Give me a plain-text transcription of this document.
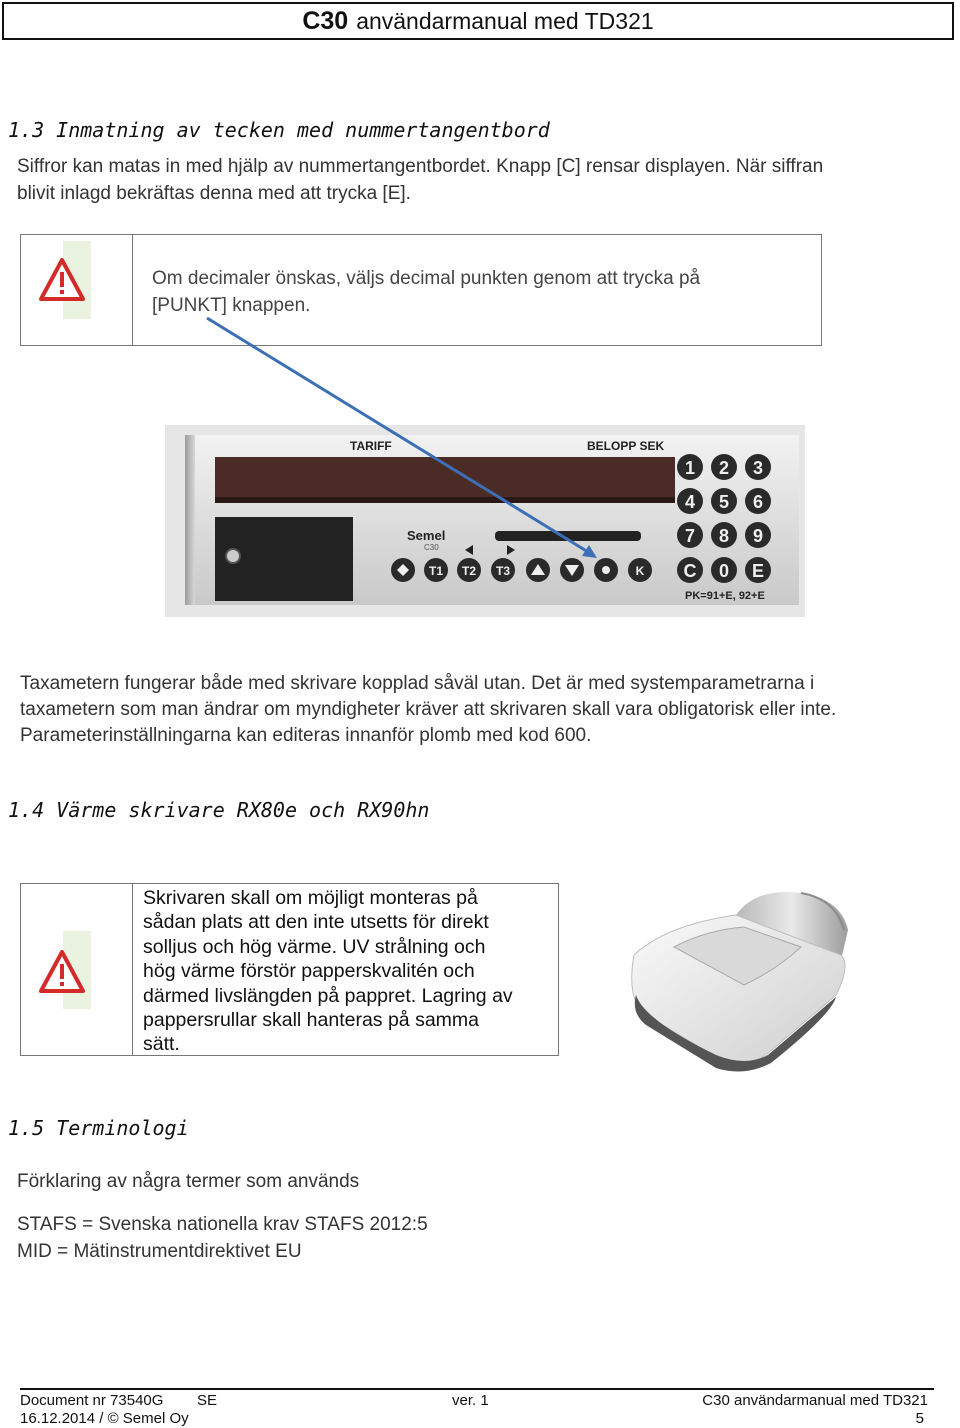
C30 användarmanual med TD321
1.3 Inmatning av tecken med nummertangentbord
Siffror kan matas in med hjälp av nummertangentbordet. Knapp [C] rensar displayen. När siffran
blivit inlagd bekräftas denna med att trycka [E].
Om decimaler önskas, väljs decimal punkten genom att trycka på
[PUNKT] knappen.
TARIFF	BELOPP SEK
Semel
C30
T1 T2 T3	K
1 2 3
4 5 6
7 8 9
C 0 E
PK=91+E, 92+E
Taxametern fungerar både med skrivare kopplad såväl utan. Det är med systemparametrarna i
taxametern som man ändrar om myndigheter kräver att skrivaren skall vara obligatorisk eller inte.
Parameterinställningarna kan editeras innanför plomb med kod 600.
1.4 Värme skrivare RX80e och RX90hn
Skrivaren skall om möjligt monteras på
sådan plats att den inte utsetts för direkt
solljus och hög värme. UV strålning och
hög värme förstör papperskvalitén och
därmed livslängden på pappret. Lagring av
pappersrullar skall hanteras på samma
sätt.
1.5 Terminologi
Förklaring av några termer som används
STAFS = Svenska nationella krav STAFS 2012:5
MID = Mätinstrumentdirektivet EU
Document nr 73540G SE	ver. 1	C30 användarmanual med TD321
16.12.2014 / © Semel Oy	5
